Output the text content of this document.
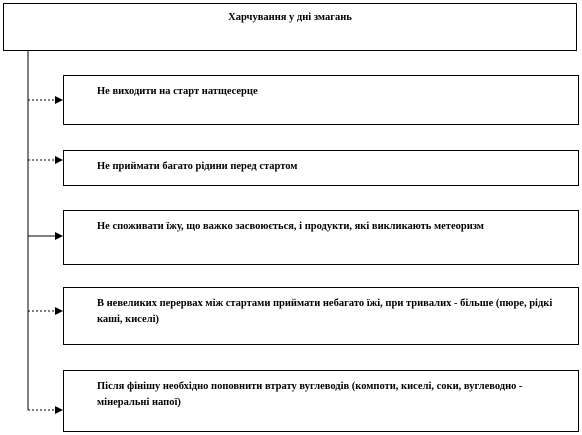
Харчування у дні змагань
Не виходити на старт натщесерце
Не приймати багато рідини перед стартом
Не споживати їжу, що важко засвоюється, і продукти, які викликають метеоризм
В невеликих перервах між стартами приймати небагато їжі, при тривалих - більше (пюре, рідкі каші, киселі)
Після фінішу необхідно поповнити втрату вуглеводів (компоти, киселі, соки, вуглеводно - мінеральні напої)
